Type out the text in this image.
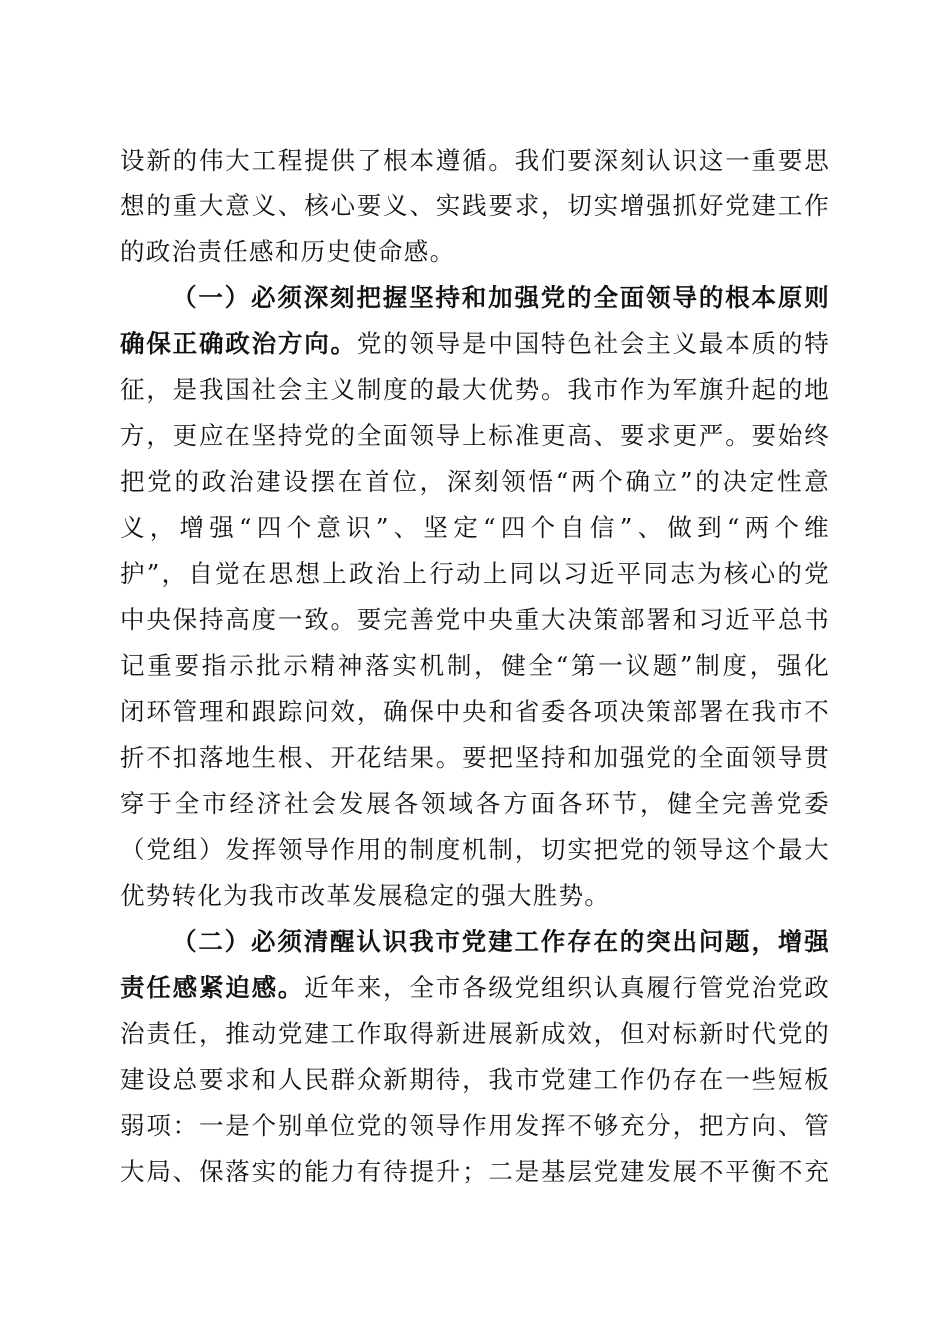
设新的伟大工程提供了根本遵循。我们要深刻认识这一重要思
想的重大意义、核心要义、实践要求，切实增强抓好党建工作
的政治责任感和历史使命感。
（一）必须深刻把握坚持和加强党的全面领导的根本原则
确保正确政治方向。党的领导是中国特色社会主义最本质的特
征，是我国社会主义制度的最大优势。我市作为军旗升起的地
方，更应在坚持党的全面领导上标准更高、要求更严。要始终
把党的政治建设摆在首位，深刻领悟“两个确立”的决定性意
义，增强“四个意识”、坚定“四个自信”、做到“两个维
护”，自觉在思想上政治上行动上同以习近平同志为核心的党
中央保持高度一致。要完善党中央重大决策部署和习近平总书
记重要指示批示精神落实机制，健全“第一议题”制度，强化
闭环管理和跟踪问效，确保中央和省委各项决策部署在我市不
折不扣落地生根、开花结果。要把坚持和加强党的全面领导贯
穿于全市经济社会发展各领域各方面各环节，健全完善党委
（党组）发挥领导作用的制度机制，切实把党的领导这个最大
优势转化为我市改革发展稳定的强大胜势。
（二）必须清醒认识我市党建工作存在的突出问题，增强
责任感紧迫感。近年来，全市各级党组织认真履行管党治党政
治责任，推动党建工作取得新进展新成效，但对标新时代党的
建设总要求和人民群众新期待，我市党建工作仍存在一些短板
弱项：一是个别单位党的领导作用发挥不够充分，把方向、管
大局、保落实的能力有待提升；二是基层党建发展不平衡不充
